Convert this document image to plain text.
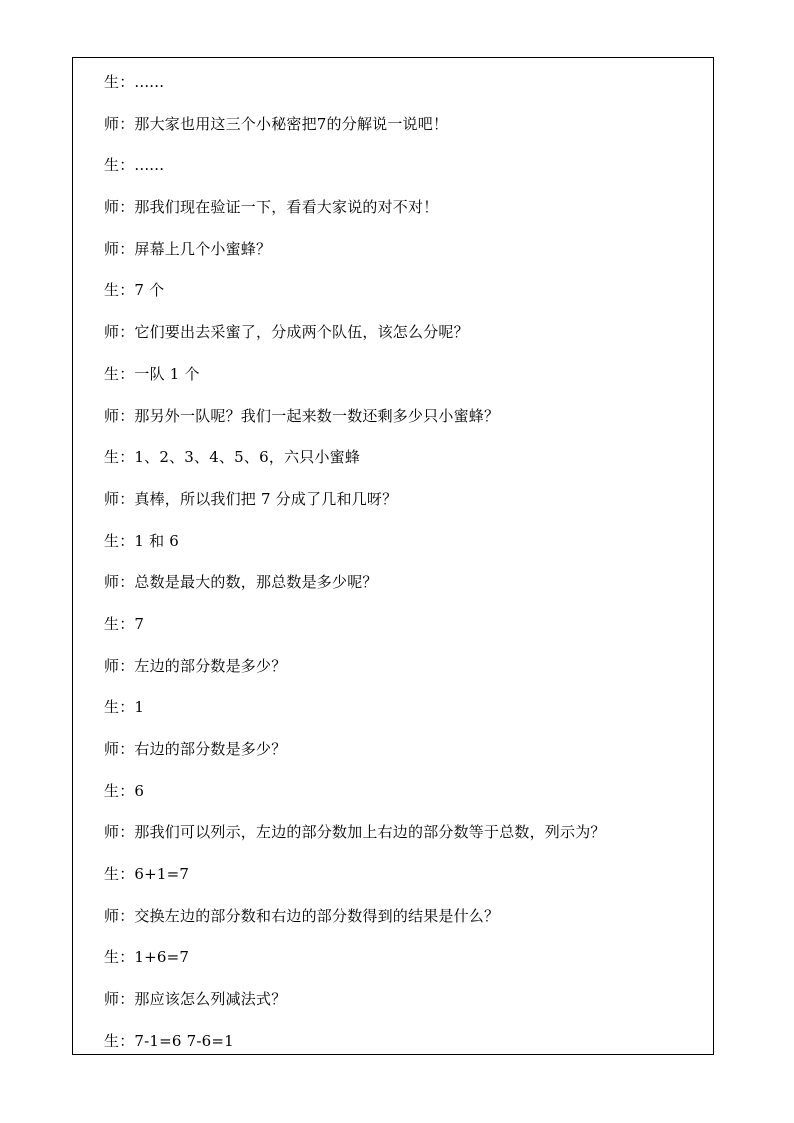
生：......
师：那大家也用这三个小秘密把7的分解说一说吧！
生：......
师：那我们现在验证一下，看看大家说的对不对！
师：屏幕上几个小蜜蜂？
生：7 个
师：它们要出去采蜜了，分成两个队伍，该怎么分呢？
生：一队 1 个
师：那另外一队呢？我们一起来数一数还剩多少只小蜜蜂？
生：1、2、3、4、5、6，六只小蜜蜂
师：真棒，所以我们把 7 分成了几和几呀？
生：1 和 6
师：总数是最大的数，那总数是多少呢？
生：7
师：左边的部分数是多少？
生：1
师：右边的部分数是多少？
生：6
师：那我们可以列示，左边的部分数加上右边的部分数等于总数，列示为？
生：6+1=7
师：交换左边的部分数和右边的部分数得到的结果是什么？
生：1+6=7
师：那应该怎么列减法式？
生：7-1=6 7-6=1
